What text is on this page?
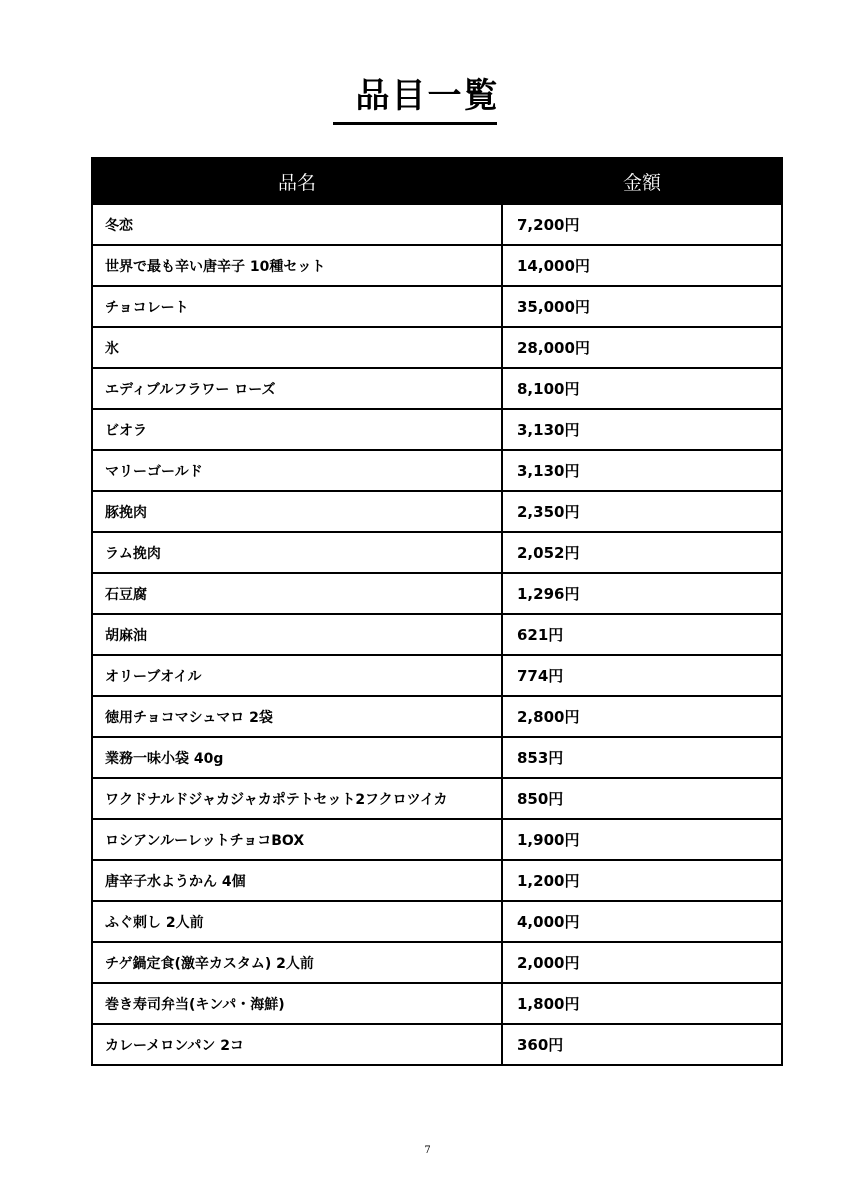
品目一覧
品名	金額
冬恋	7,200円
世界で最も辛い唐辛子 10種セット	14,000円
チョコレート	35,000円
氷	28,000円
エディブルフラワー ローズ	8,100円
ビオラ	3,130円
マリーゴールド	3,130円
豚挽肉	2,350円
ラム挽肉	2,052円
石豆腐	1,296円
胡麻油	621円
オリーブオイル	774円
徳用チョコマシュマロ 2袋	2,800円
業務一味小袋 40g	853円
ワクドナルドジャカジャカポテトセット2フクロツイカ	850円
ロシアンルーレットチョコBOX	1,900円
唐辛子水ようかん 4個	1,200円
ふぐ刺し 2人前	4,000円
チゲ鍋定食(激辛カスタム) 2人前	2,000円
巻き寿司弁当(キンパ・海鮮)	1,800円
カレーメロンパン 2コ	360円
7
